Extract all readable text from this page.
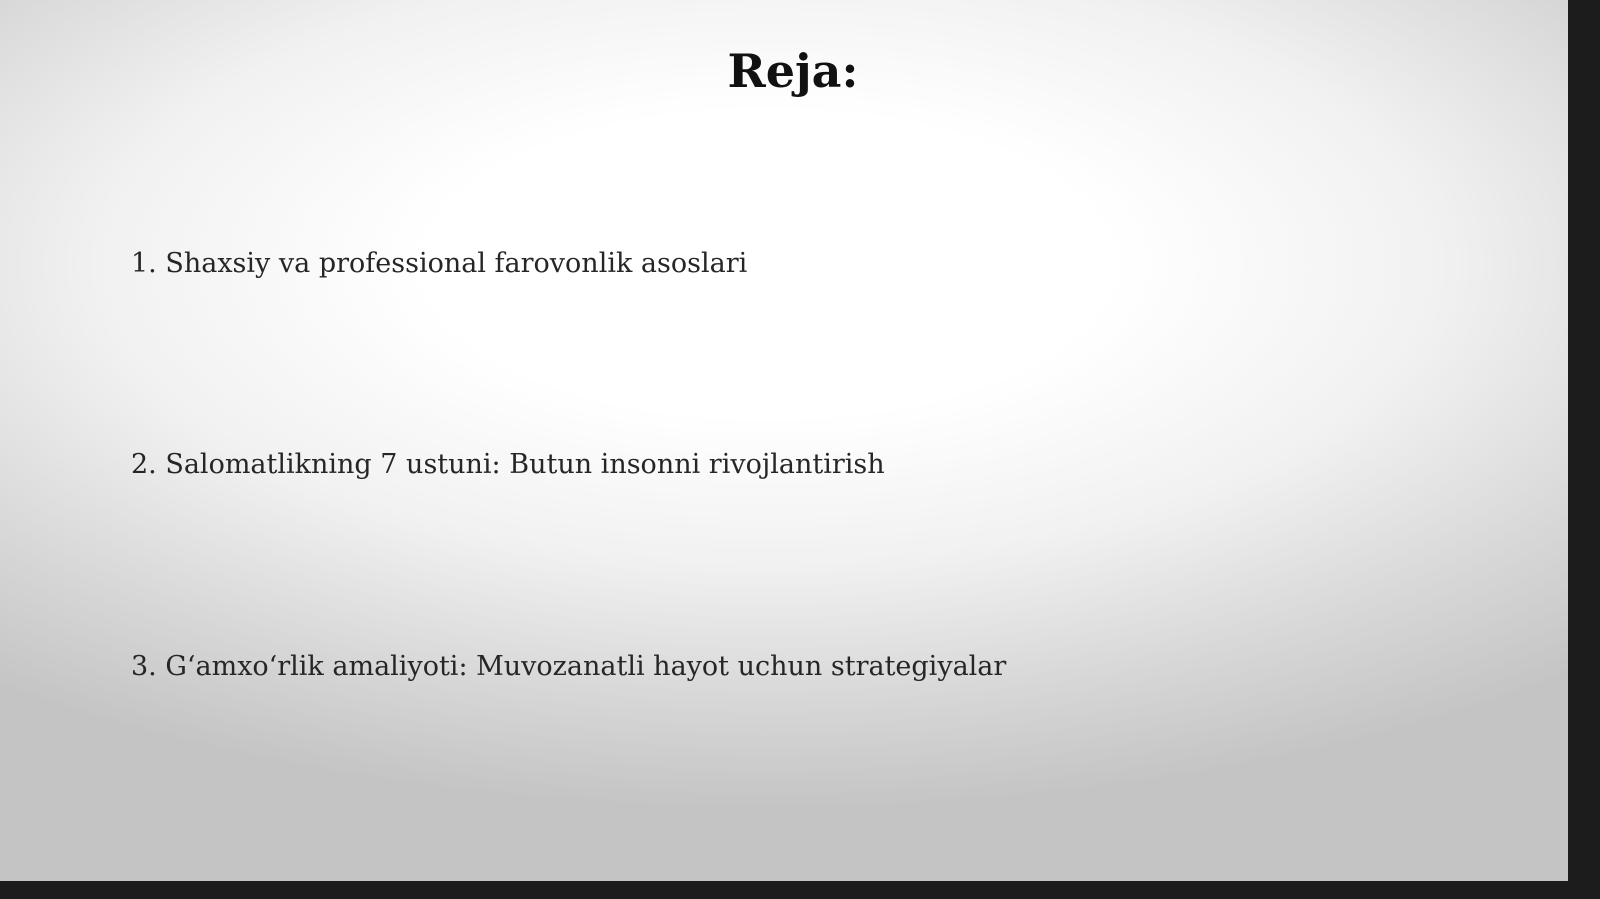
Reja:
1. Shaxsiy va professional farovonlik asoslari
2. Salomatlikning 7 ustuni: Butun insonni rivojlantirish
3. G‘amxo‘rlik amaliyoti: Muvozanatli hayot uchun strategiyalar
